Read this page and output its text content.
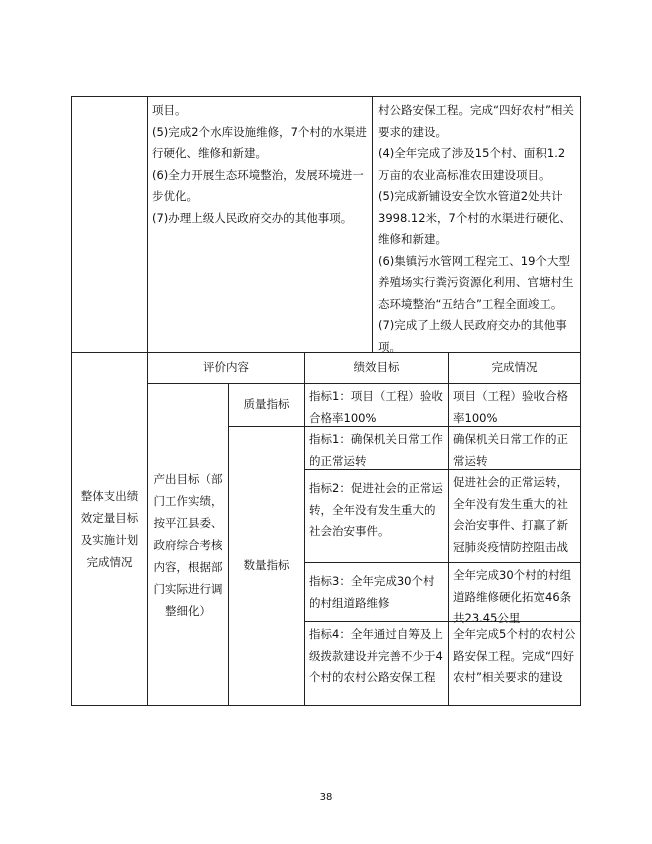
项目。

(5)完成2个水库设施维修，7个村的水渠进行硬化、维修和新建。

(6)全力开展生态环境整治，发展环境进一步优化。

(7)办理上级人民政府交办的其他事项。

村公路安保工程。完成“四好农村”相关要求的建设。

(4)全年完成了涉及15个村、面积1.2万亩的农业高标准农田建设项目。

(5)完成新铺设安全饮水管道2处共计3998.12米，7个村的水渠进行硬化、维修和新建。

(6)集镇污水管网工程完工、19个大型养殖场实行粪污资源化利用、官塘村生态环境整治“五结合”工程全面竣工。

(7)完成了上级人民政府交办的其他事项。

整体支出绩效定量目标及实施计划完成情况
评价内容	绩效目标	完成情况
产出目标（部门工作实绩，按平江县委、政府综合考核内容，根据部门实际进行调整细化）
质量指标
数量指标
指标1：项目（工程）验收合格率100%
项目（工程）验收合格率100%
指标1：确保机关日常工作的正常运转
确保机关日常工作的正常运转
指标2：促进社会的正常运转，全年没有发生重大的社会治安事件。
促进社会的正常运转，全年没有发生重大的社会治安事件、打赢了新冠肺炎疫情防控阻击战
指标3：全年完成30个村的村组道路维修
全年完成30个村的村组道路维修硬化拓宽46条共23.45公里
指标4：全年通过自筹及上级拨款建设并完善不少于4个村的农村公路安保工程
全年完成5个村的农村公路安保工程。完成“四好农村”相关要求的建设
38
